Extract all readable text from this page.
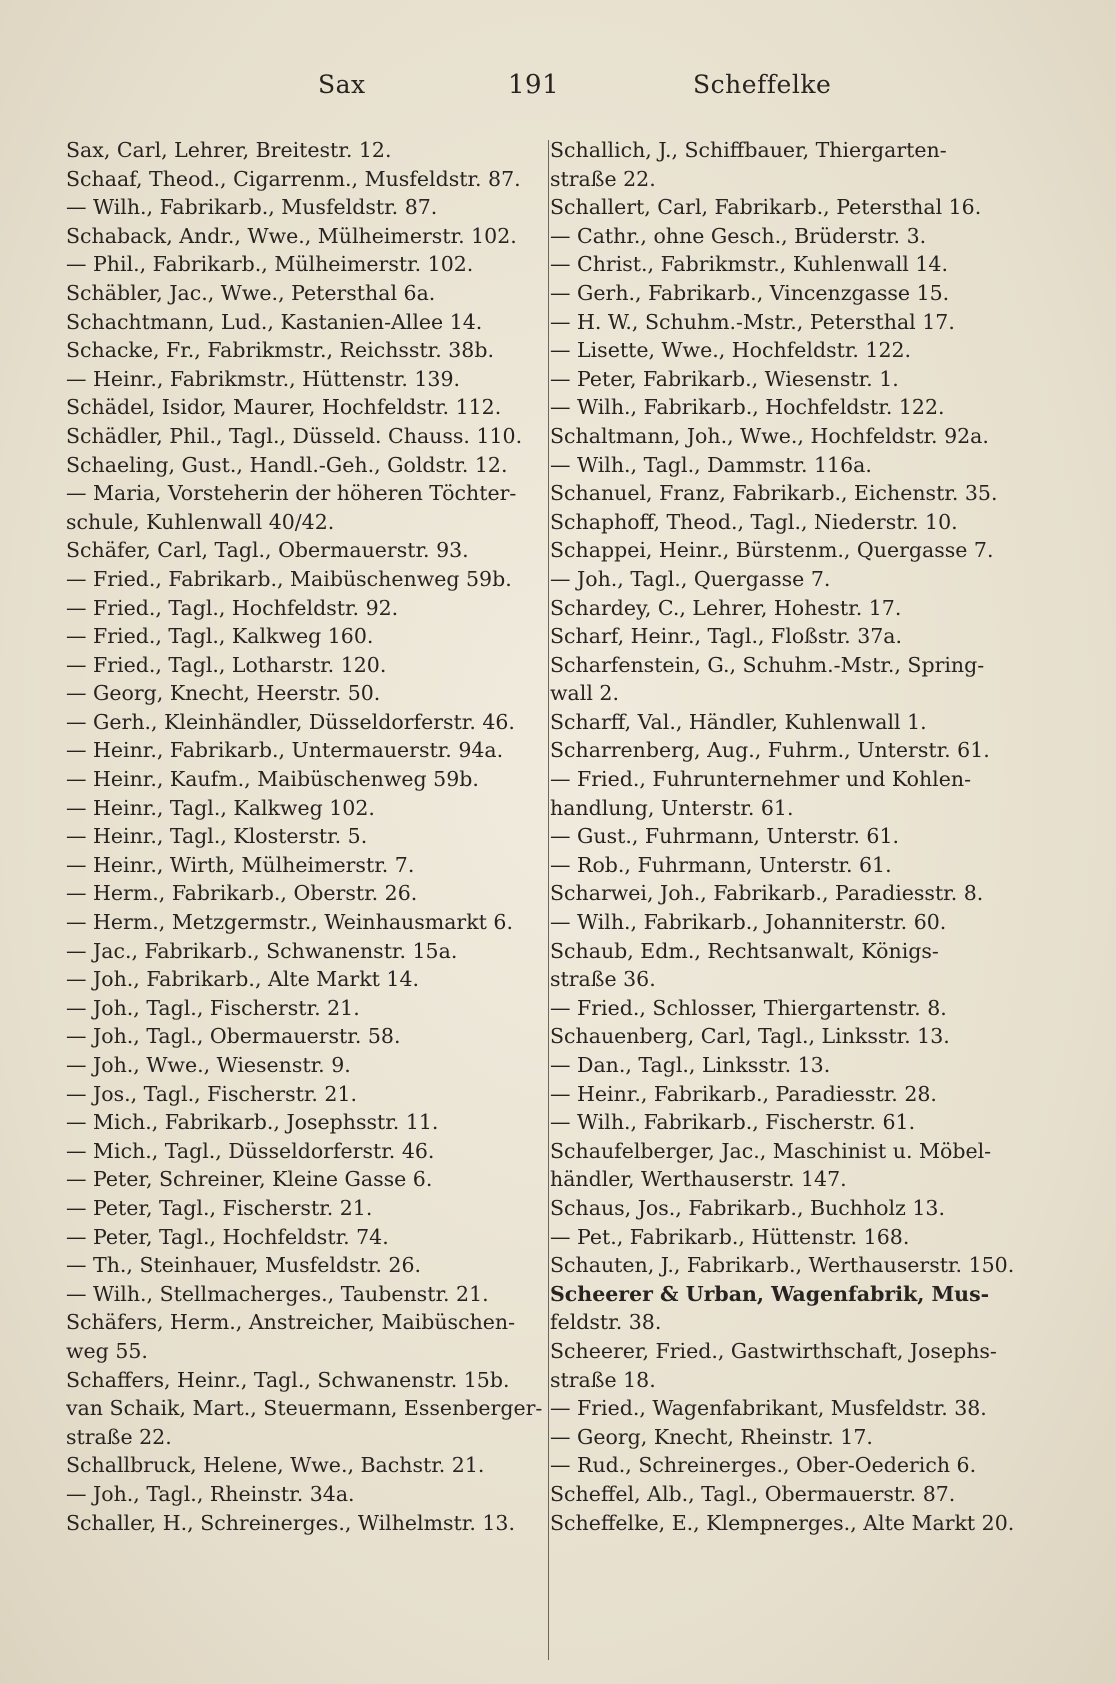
Sax	191	Scheffelke
Sax, Carl, Lehrer, Breitestr. 12.
Schaaf, Theod., Cigarrenm., Musfeldstr. 87.
— Wilh., Fabrikarb., Musfeldstr. 87.
Schaback, Andr., Wwe., Mülheimerstr. 102.
— Phil., Fabrikarb., Mülheimerstr. 102.
Schäbler, Jac., Wwe., Petersthal 6a.
Schachtmann, Lud., Kastanien-Allee 14.
Schacke, Fr., Fabrikmstr., Reichsstr. 38b.
— Heinr., Fabrikmstr., Hüttenstr. 139.
Schädel, Isidor, Maurer, Hochfeldstr. 112.
Schädler, Phil., Tagl., Düsseld. Chauss. 110.
Schaeling, Gust., Handl.-Geh., Goldstr. 12.
— Maria, Vorsteherin der höheren Töchter-
schule, Kuhlenwall 40/42.
Schäfer, Carl, Tagl., Obermauerstr. 93.
— Fried., Fabrikarb., Maibüschenweg 59b.
— Fried., Tagl., Hochfeldstr. 92.
— Fried., Tagl., Kalkweg 160.
— Fried., Tagl., Lotharstr. 120.
— Georg, Knecht, Heerstr. 50.
— Gerh., Kleinhändler, Düsseldorferstr. 46.
— Heinr., Fabrikarb., Untermauerstr. 94a.
— Heinr., Kaufm., Maibüschenweg 59b.
— Heinr., Tagl., Kalkweg 102.
— Heinr., Tagl., Klosterstr. 5.
— Heinr., Wirth, Mülheimerstr. 7.
— Herm., Fabrikarb., Oberstr. 26.
— Herm., Metzgermstr., Weinhausmarkt 6.
— Jac., Fabrikarb., Schwanenstr. 15a.
— Joh., Fabrikarb., Alte Markt 14.
— Joh., Tagl., Fischerstr. 21.
— Joh., Tagl., Obermauerstr. 58.
— Joh., Wwe., Wiesenstr. 9.
— Jos., Tagl., Fischerstr. 21.
— Mich., Fabrikarb., Josephsstr. 11.
— Mich., Tagl., Düsseldorferstr. 46.
— Peter, Schreiner, Kleine Gasse 6.
— Peter, Tagl., Fischerstr. 21.
— Peter, Tagl., Hochfeldstr. 74.
— Th., Steinhauer, Musfeldstr. 26.
— Wilh., Stellmacherges., Taubenstr. 21.
Schäfers, Herm., Anstreicher, Maibüschen-
weg 55.
Schaffers, Heinr., Tagl., Schwanenstr. 15b.
van Schaik, Mart., Steuermann, Essenberger-
straße 22.
Schallbruck, Helene, Wwe., Bachstr. 21.
— Joh., Tagl., Rheinstr. 34a.
Schaller, H., Schreinerges., Wilhelmstr. 13.
Schallich, J., Schiffbauer, Thiergarten-
straße 22.
Schallert, Carl, Fabrikarb., Petersthal 16.
— Cathr., ohne Gesch., Brüderstr. 3.
— Christ., Fabrikmstr., Kuhlenwall 14.
— Gerh., Fabrikarb., Vincenzgasse 15.
— H. W., Schuhm.-Mstr., Petersthal 17.
— Lisette, Wwe., Hochfeldstr. 122.
— Peter, Fabrikarb., Wiesenstr. 1.
— Wilh., Fabrikarb., Hochfeldstr. 122.
Schaltmann, Joh., Wwe., Hochfeldstr. 92a.
— Wilh., Tagl., Dammstr. 116a.
Schanuel, Franz, Fabrikarb., Eichenstr. 35.
Schaphoff, Theod., Tagl., Niederstr. 10.
Schappei, Heinr., Bürstenm., Quergasse 7.
— Joh., Tagl., Quergasse 7.
Schardey, C., Lehrer, Hohestr. 17.
Scharf, Heinr., Tagl., Floßstr. 37a.
Scharfenstein, G., Schuhm.-Mstr., Spring-
wall 2.
Scharff, Val., Händler, Kuhlenwall 1.
Scharrenberg, Aug., Fuhrm., Unterstr. 61.
— Fried., Fuhrunternehmer und Kohlen-
handlung, Unterstr. 61.
— Gust., Fuhrmann, Unterstr. 61.
— Rob., Fuhrmann, Unterstr. 61.
Scharwei, Joh., Fabrikarb., Paradiesstr. 8.
— Wilh., Fabrikarb., Johanniterstr. 60.
Schaub, Edm., Rechtsanwalt, Königs-
straße 36.
— Fried., Schlosser, Thiergartenstr. 8.
Schauenberg, Carl, Tagl., Linksstr. 13.
— Dan., Tagl., Linksstr. 13.
— Heinr., Fabrikarb., Paradiesstr. 28.
— Wilh., Fabrikarb., Fischerstr. 61.
Schaufelberger, Jac., Maschinist u. Möbel-
händler, Werthauserstr. 147.
Schaus, Jos., Fabrikarb., Buchholz 13.
— Pet., Fabrikarb., Hüttenstr. 168.
Schauten, J., Fabrikarb., Werthauserstr. 150.
Scheerer & Urban, Wagenfabrik, Mus-
feldstr. 38.
Scheerer, Fried., Gastwirthschaft, Josephs-
straße 18.
— Fried., Wagenfabrikant, Musfeldstr. 38.
— Georg, Knecht, Rheinstr. 17.
— Rud., Schreinerges., Ober-Oederich 6.
Scheffel, Alb., Tagl., Obermauerstr. 87.
Scheffelke, E., Klempnerges., Alte Markt 20.
